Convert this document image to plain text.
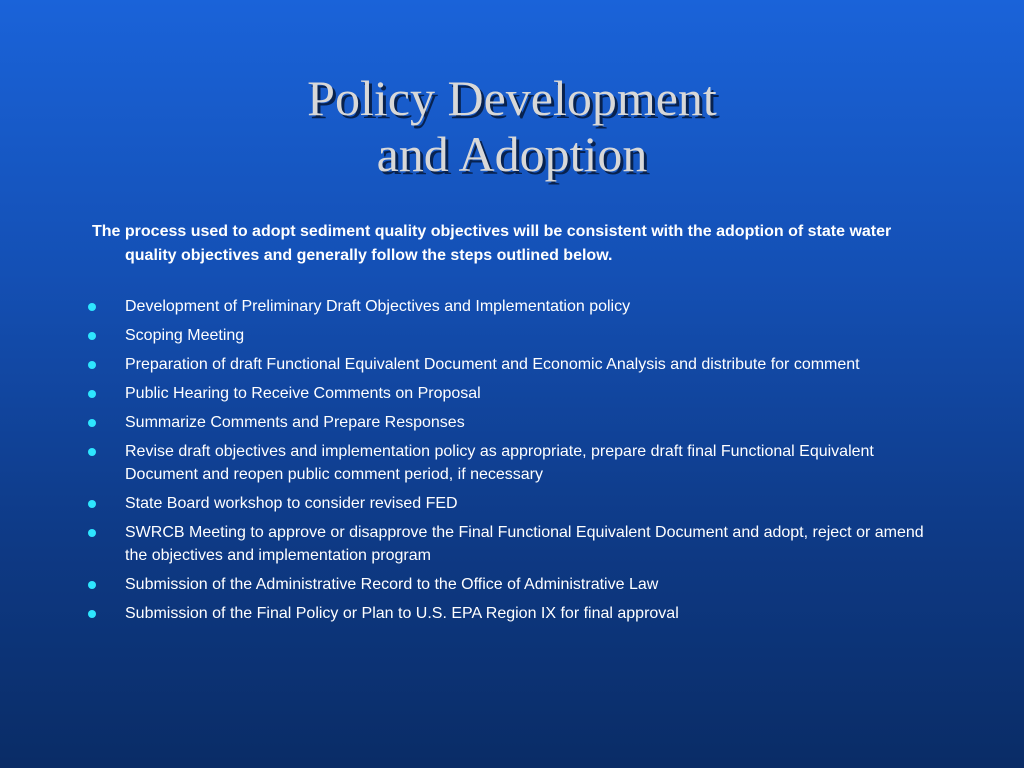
Policy Development
and Adoption

The process used to adopt sediment quality objectives will be consistent with the adoption of state water quality objectives and generally follow the steps outlined below.

Development of Preliminary Draft Objectives and Implementation policy
Scoping Meeting
Preparation of draft Functional Equivalent Document and Economic Analysis and distribute for comment
Public Hearing to Receive Comments on Proposal
Summarize Comments and Prepare Responses
Revise draft objectives and implementation policy as appropriate, prepare draft final Functional Equivalent Document and reopen public comment period, if necessary
State Board workshop to consider revised FED
SWRCB Meeting to approve or disapprove the Final Functional Equivalent Document and adopt, reject or amend the objectives and implementation program
Submission of the Administrative Record to the Office of Administrative Law
Submission of the Final Policy or Plan to U.S. EPA Region IX for final approval
